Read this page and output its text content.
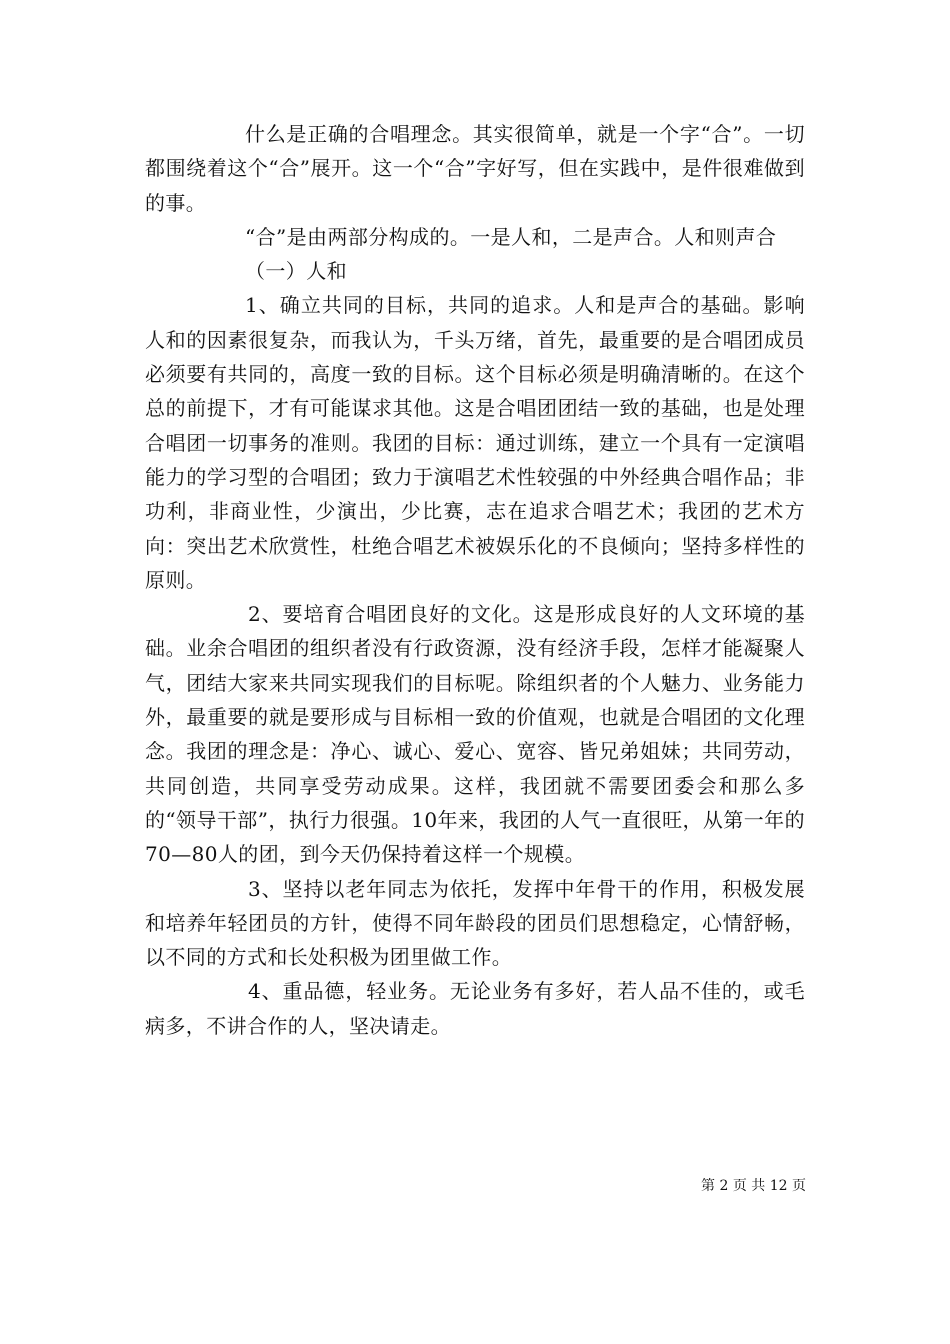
什么是正确的合唱理念。其实很简单，就是一个字“合”。一切都围绕着这个“合”展开。这一个“合”字好写，但在实践中，是件很难做到的事。

“合”是由两部分构成的。一是人和，二是声合。人和则声合

（一）人和

1、确立共同的目标，共同的追求。人和是声合的基础。影响人和的因素很复杂，而我认为，千头万绪，首先，最重要的是合唱团成员必须要有共同的，高度一致的目标。这个目标必须是明确清晰的。在这个总的前提下，才有可能谋求其他。这是合唱团团结一致的基础，也是处理合唱团一切事务的准则。我团的目标：通过训练，建立一个具有一定演唱能力的学习型的合唱团；致力于演唱艺术性较强的中外经典合唱作品；非功利，非商业性，少演出，少比赛，志在追求合唱艺术；我团的艺术方向：突出艺术欣赏性，杜绝合唱艺术被娱乐化的不良倾向；坚持多样性的原则。

2、要培育合唱团良好的文化。这是形成良好的人文环境的基础。业余合唱团的组织者没有行政资源，没有经济手段，怎样才能凝聚人气，团结大家来共同实现我们的目标呢。除组织者的个人魅力、业务能力外，最重要的就是要形成与目标相一致的价值观，也就是合唱团的文化理念。我团的理念是：净心、诚心、爱心、宽容、皆兄弟姐妹；共同劳动，共同创造，共同享受劳动成果。这样，我团就不需要团委会和那么多的“领导干部”，执行力很强。10年来，我团的人气一直很旺，从第一年的70—80人的团，到今天仍保持着这样一个规模。

3、坚持以老年同志为依托，发挥中年骨干的作用，积极发展和培养年轻团员的方针，使得不同年龄段的团员们思想稳定，心情舒畅，以不同的方式和长处积极为团里做工作。

4、重品德，轻业务。无论业务有多好，若人品不佳的，或毛病多，不讲合作的人，坚决请走。

第 2 页 共 12 页
